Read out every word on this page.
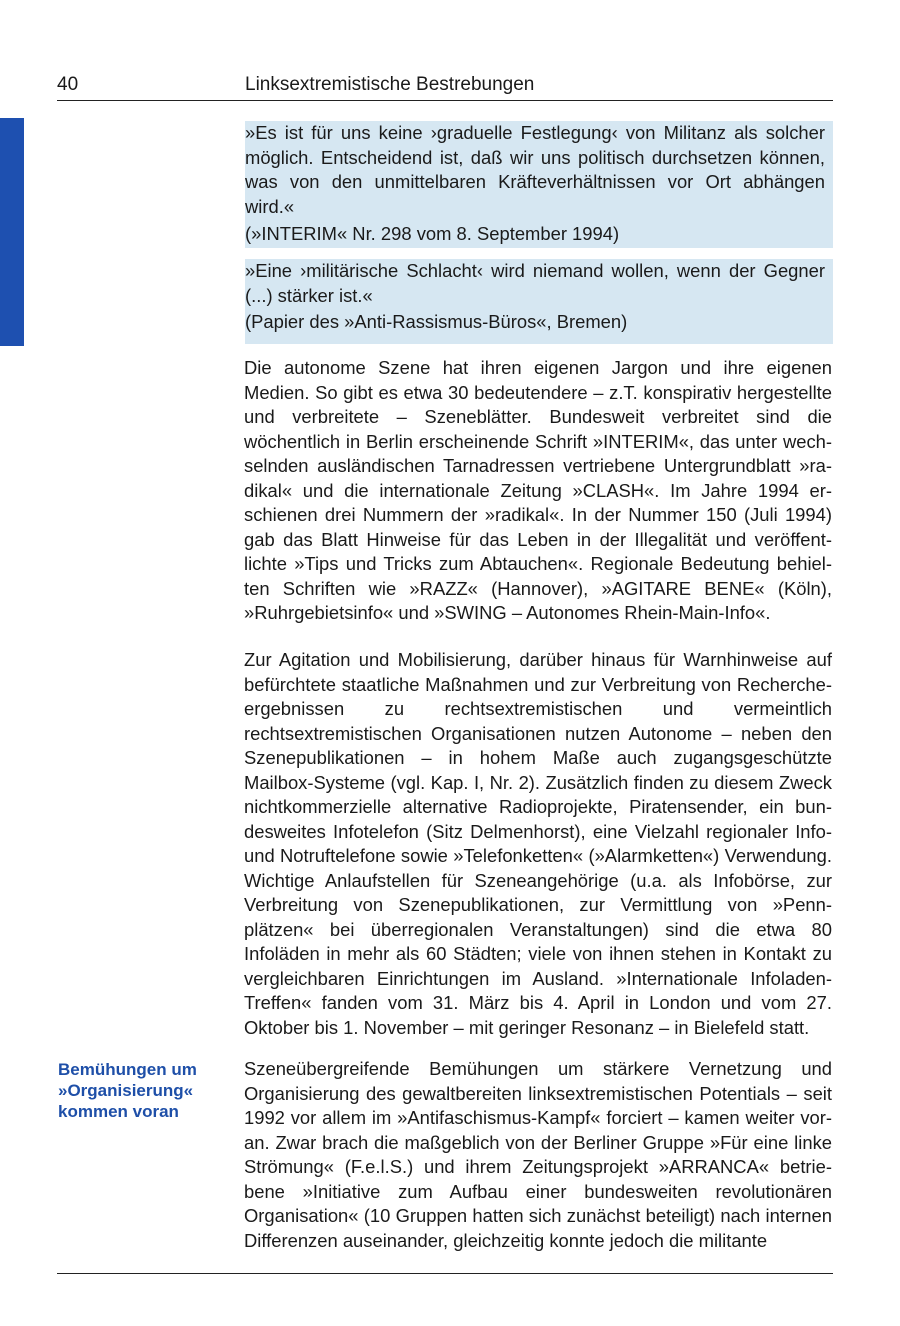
40	Linksextremistische Bestrebungen

»Es ist für uns keine ›graduelle Festlegung‹ von Militanz als solcher möglich. Entscheidend ist, daß wir uns politisch durchsetzen können, was von den unmittelbaren Kräfteverhältnissen vor Ort abhängen wird.«

(»INTERIM« Nr. 298 vom 8. September 1994)

»Eine ›militärische Schlacht‹ wird niemand wollen, wenn der Gegner (...) stärker ist.«

(Papier des »Anti-Rassismus-Büros«, Bremen)

Die autonome Szene hat ihren eigenen Jargon und ihre eigenen Medien. So gibt es etwa 30 bedeutendere – z.T. konspirativ hergestellte und verbreitete – Szeneblätter. Bundesweit verbreitet sind die wöchentlich in Berlin erscheinende Schrift »INTERIM«, das unter wechselnden ausländischen Tarnadressen vertriebene Untergrundblatt »radikal« und die internationale Zeitung »CLASH«. Im Jahre 1994 erschienen drei Nummern der »radikal«. In der Nummer 150 (Juli 1994) gab das Blatt Hinweise für das Leben in der Illegalität und veröffentlichte »Tips und Tricks zum Abtauchen«. Regionale Bedeutung behielten Schriften wie »RAZZ« (Hannover), »AGITARE BENE« (Köln), »Ruhrgebietsinfo« und »SWING – Autonomes Rhein-Main-Info«.

Zur Agitation und Mobilisierung, darüber hinaus für Warnhinweise auf befürchtete staatliche Maßnahmen und zur Verbreitung von Rechercheergebnissen zu rechtsextremistischen und vermeintlich rechtsextremistischen Organisationen nutzen Autonome – neben den Szenepublikationen – in hohem Maße auch zugangsgeschützte Mailbox-Systeme (vgl. Kap. I, Nr. 2). Zusätzlich finden zu diesem Zweck nichtkommerzielle alternative Radioprojekte, Piratensender, ein bundesweites Infotelefon (Sitz Delmenhorst), eine Vielzahl regionaler Info- und Notruftelefone sowie »Telefonketten« (»Alarmketten«) Verwendung. Wichtige Anlaufstellen für Szeneangehörige (u.a. als Infobörse, zur Verbreitung von Szenepublikationen, zur Vermittlung von »Pennplätzen« bei überregionalen Veranstaltungen) sind die etwa 80 Infoläden in mehr als 60 Städten; viele von ihnen stehen in Kontakt zu vergleichbaren Einrichtungen im Ausland. »Internationale Infoladen-Treffen« fanden vom 31. März bis 4. April in London und vom 27. Oktober bis 1. November – mit geringer Resonanz – in Bielefeld statt.

Bemühungen um
»Organisierung«
kommen voran

Szeneübergreifende Bemühungen um stärkere Vernetzung und Organisierung des gewaltbereiten linksextremistischen Potentials – seit 1992 vor allem im »Antifaschismus-Kampf« forciert – kamen weiter voran. Zwar brach die maßgeblich von der Berliner Gruppe »Für eine linke Strömung« (F.e.l.S.) und ihrem Zeitungsprojekt »ARRANCA« betriebene »Initiative zum Aufbau einer bundesweiten revolutionären Organisation« (10 Gruppen hatten sich zunächst beteiligt) nach internen Differenzen auseinander, gleichzeitig konnte jedoch die militante
